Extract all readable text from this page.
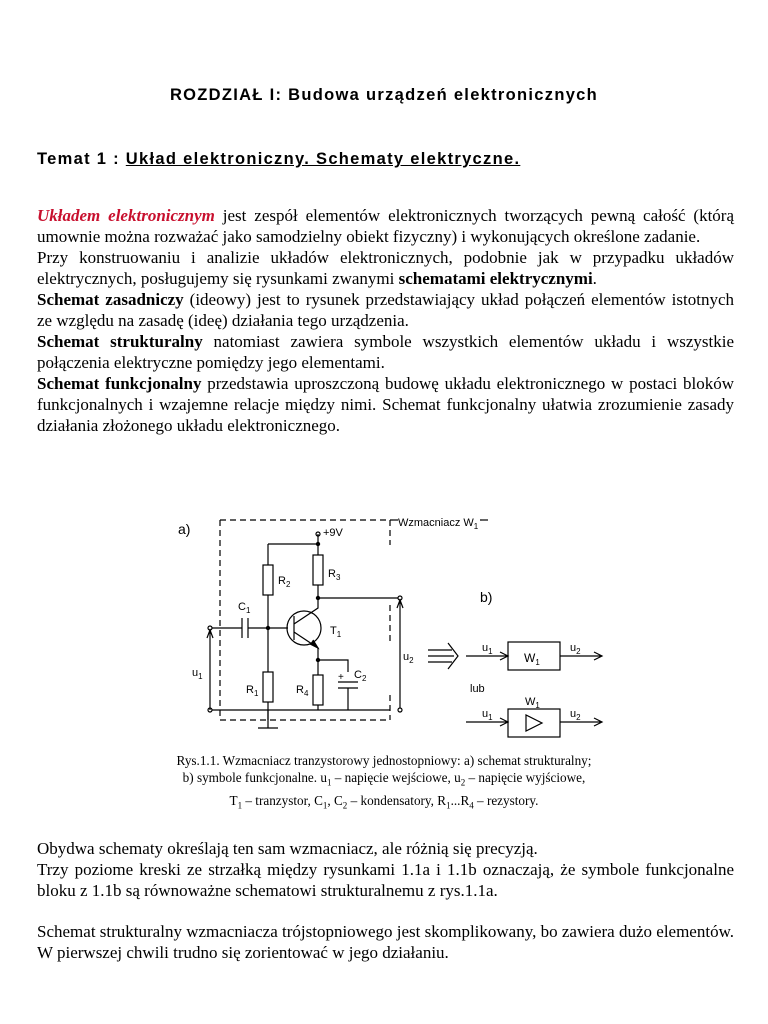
ROZDZIAŁ I: Budowa urządzeń elektronicznych
Temat 1 : Układ elektroniczny. Schematy elektryczne.

Układem elektronicznym jest zespół elementów elektronicznych tworzących pewną całość (którą umownie można rozważać jako samodzielny obiekt fizyczny) i wykonujących określone zadanie.

Przy konstruowaniu i analizie układów elektronicznych, podobnie jak w przypadku układów elektrycznych, posługujemy się rysunkami zwanymi schematami elektrycznymi.

Schemat zasadniczy (ideowy) jest to rysunek przedstawiający układ połączeń elementów istotnych ze względu na zasadę (ideę) działania tego urządzenia.

Schemat strukturalny natomiast zawiera symbole wszystkich elementów układu i wszystkie połączenia elektryczne pomiędzy jego elementami.

Schemat funkcjonalny przedstawia uproszczoną budowę układu elektronicznego w postaci bloków funkcjonalnych i wzajemne relacje między nimi. Schemat funkcjonalny ułatwia zrozumienie zasady działania złożonego układu elektronicznego.

a)
b)
Wzmacniacz $W_1$
+9V
$R_2$
$R_3$
$C_1$
$T_1$
$R_1$	$R_4$
+ $C_2$
$u_1$
$u_2$
$u_1$	$W_1$
$u_2$
lub
$W_1$
$u_1$	$u_2$
Rys.1.1. Wzmacniacz tranzystorowy jednostopniowy: a) schemat strukturalny;
b) symbole funkcjonalne. $u_1$ – napięcie wejściowe, $u_2$ – napięcie wyjściowe,
$T_1$ – tranzystor, $C_1$, $C_2$ – kondensatory, $R_1...R_4$ – rezystory.

Obydwa schematy określają ten sam wzmacniacz, ale różnią się precyzją.

Trzy poziome kreski ze strzałką między rysunkami 1.1a i 1.1b oznaczają, że symbole funkcjonalne bloku z 1.1b są równoważne schematowi strukturalnemu z rys.1.1a.

Schemat strukturalny wzmacniacza trójstopniowego jest skomplikowany, bo zawiera dużo elementów. W pierwszej chwili trudno się zorientować w jego działaniu.
